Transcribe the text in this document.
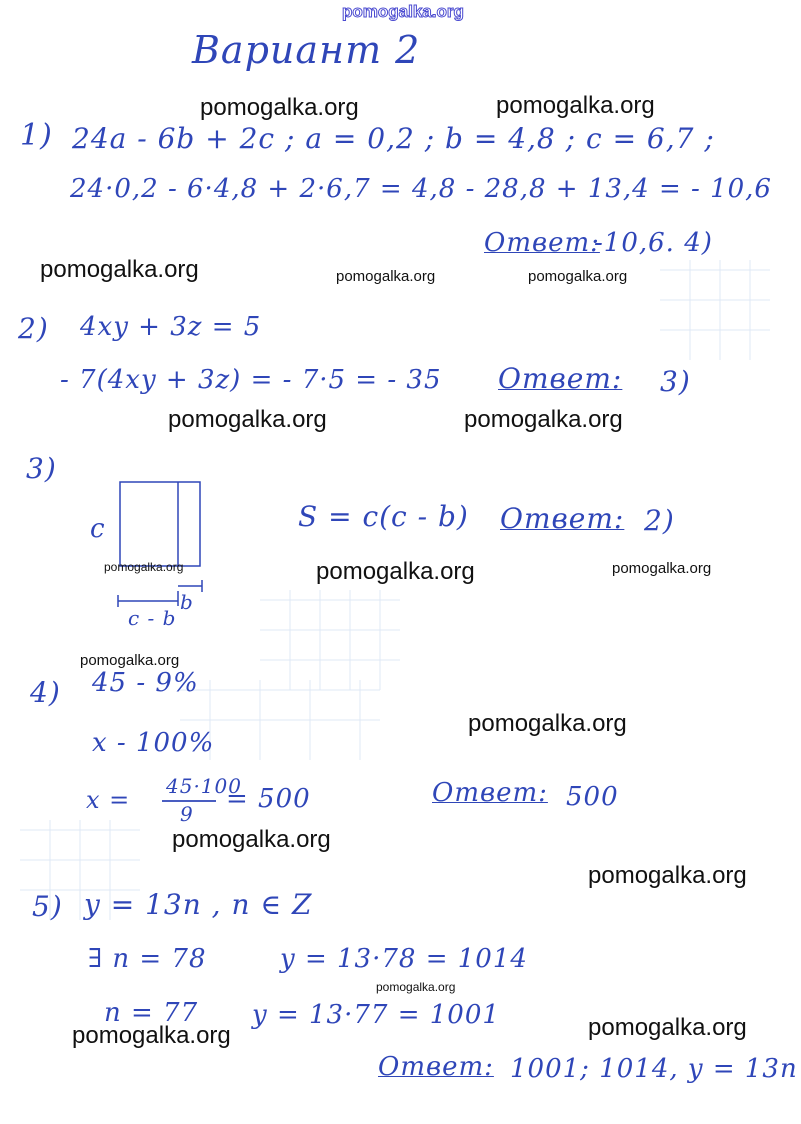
pomogalka.org
Вариант 2
1) 24a - 6b + 2c ; a = 0,2 ; b = 4,8 ; c = 6,7 ;
24·0,2 - 6·4,8 + 2·6,7 = 4,8 - 28,8 + 13,4 = - 10,6
Ответ:
-10,6. 4)
2) 4xy + 3z = 5
- 7(4xy + 3z) = - 7·5 = - 35 Ответ: 3)
3)
c
c - b
b
S = c(c - b) Ответ: 2)
4) 45 - 9%
x - 100%
x = 45·100
9 = 500	Ответ: 500
5) y = 13n , n ∈ Z
∃ n = 78	y = 13·78 = 1014
n = 77 y = 13·77 = 1001
Ответ: 1001; 1014, y = 13n
pomogalka.org	pomogalka.org
pomogalka.org	pomogalka.org	pomogalka.org
pomogalka.org	pomogalka.org
pomogalka.org	pomogalka.org	pomogalka.org
pomogalka.org
pomogalka.org
pomogalka.org
pomogalka.org
pomogalka.org
pomogalka.org
pomogalka.org
